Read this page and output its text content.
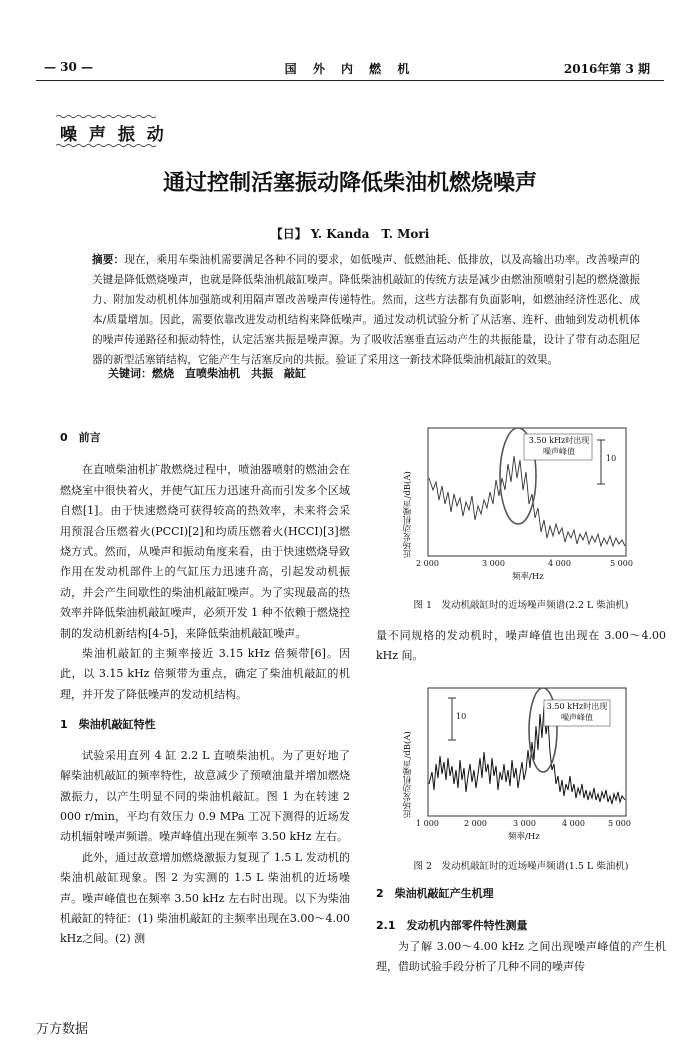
— 30 —	国 外 内 燃 机	2016年第 3 期
噪 声 振 动
通过控制活塞振动降低柴油机燃烧噪声
【日】 Y. Kanda　T. Mori
摘要：现在，乘用车柴油机需要满足各种不同的要求，如低噪声、低燃油耗、低排放，以及高输出功率。改善噪声的关键是降低燃烧噪声，也就是降低柴油机敲缸噪声。降低柴油机敲缸的传统方法是减少由燃油预喷射引起的燃烧激振力、附加发动机机体加强筋或利用隔声罩改善噪声传递特性。然而，这些方法都有负面影响，如燃油经济性恶化、成本/质量增加。因此，需要依靠改进发动机结构来降低噪声。通过发动机试验分析了从活塞、连杆、曲轴到发动机机体的噪声传递路径和振动特性，认定活塞共振是噪声源。为了吸收活塞垂直运动产生的共振能量，设计了带有动态阻尼器的新型活塞销结构，它能产生与活塞反向的共振。验证了采用这一新技术降低柴油机敲缸的效果。
关键词：燃烧　直喷柴油机　共振　敲缸
0　前言

在直喷柴油机扩散燃烧过程中，喷油器喷射的燃油会在燃烧室中很快着火，并使气缸压力迅速升高而引发多个区域自燃[1]。由于快速燃烧可获得较高的热效率，未来将会采用预混合压燃着火(PCCI)[2]和均质压燃着火(HCCI)[3]燃烧方式。然而，从噪声和振动角度来看，由于快速燃烧导致作用在发动机部件上的气缸压力迅速升高，引起发动机振动，并会产生间歇性的柴油机敲缸噪声。为了实现最高的热效率并降低柴油机敲缸噪声，必须开发 1 种不依赖于燃烧控制的发动机新结构[4-5]，来降低柴油机敲缸噪声。

柴油机敲缸的主频率接近 3.15 kHz 倍频带[6]。因此，以 3.15 kHz 倍频带为重点，确定了柴油机敲缸的机理，并开发了降低噪声的发动机结构。

1　柴油机敲缸特性

试验采用直列 4 缸 2.2 L 直喷柴油机。为了更好地了解柴油机敲缸的频率特性，故意减少了预喷油量并增加燃烧激振力，以产生明显不同的柴油机敲缸。图 1 为在转速 2 000 r/min，平均有效压力 0.9 MPa 工况下测得的近场发动机辐射噪声频谱。噪声峰值出现在频率 3.50 kHz 左右。

此外，通过故意增加燃烧激振力复现了 1.5 L 发动机的柴油机敲缸现象。图 2 为实测的 1.5 L 柴油机的近场噪声。噪声峰值也在频率 3.50 kHz 左右时出现。以下为柴油机敲缸的特征：(1) 柴油机敲缸的主频率出现在3.00～4.00 kHz之间。(2) 测

近场发动机噪声/dB(A)
10
3.50 kHz时出现噪声峰值
2 000	3 000	4 000	5 000
频率/Hz
图 1　发动机敲缸时的近场噪声频谱(2.2 L 柴油机)

量不同规格的发动机时，噪声峰值也出现在 3.00～4.00 kHz 间。

近场发动机噪声/dB(A)
10
3.50 kHz时出现噪声峰值
1 000	2 000	3 000	4 000	5 000
频率/Hz
图 2　发动机敲缸时的近场噪声频谱(1.5 L 柴油机)
2　柴油机敲缸产生机理
2.1　发动机内部零件特性测量

为了解 3.00～4.00 kHz 之间出现噪声峰值的产生机理，借助试验手段分析了几种不同的噪声传

万方数据
